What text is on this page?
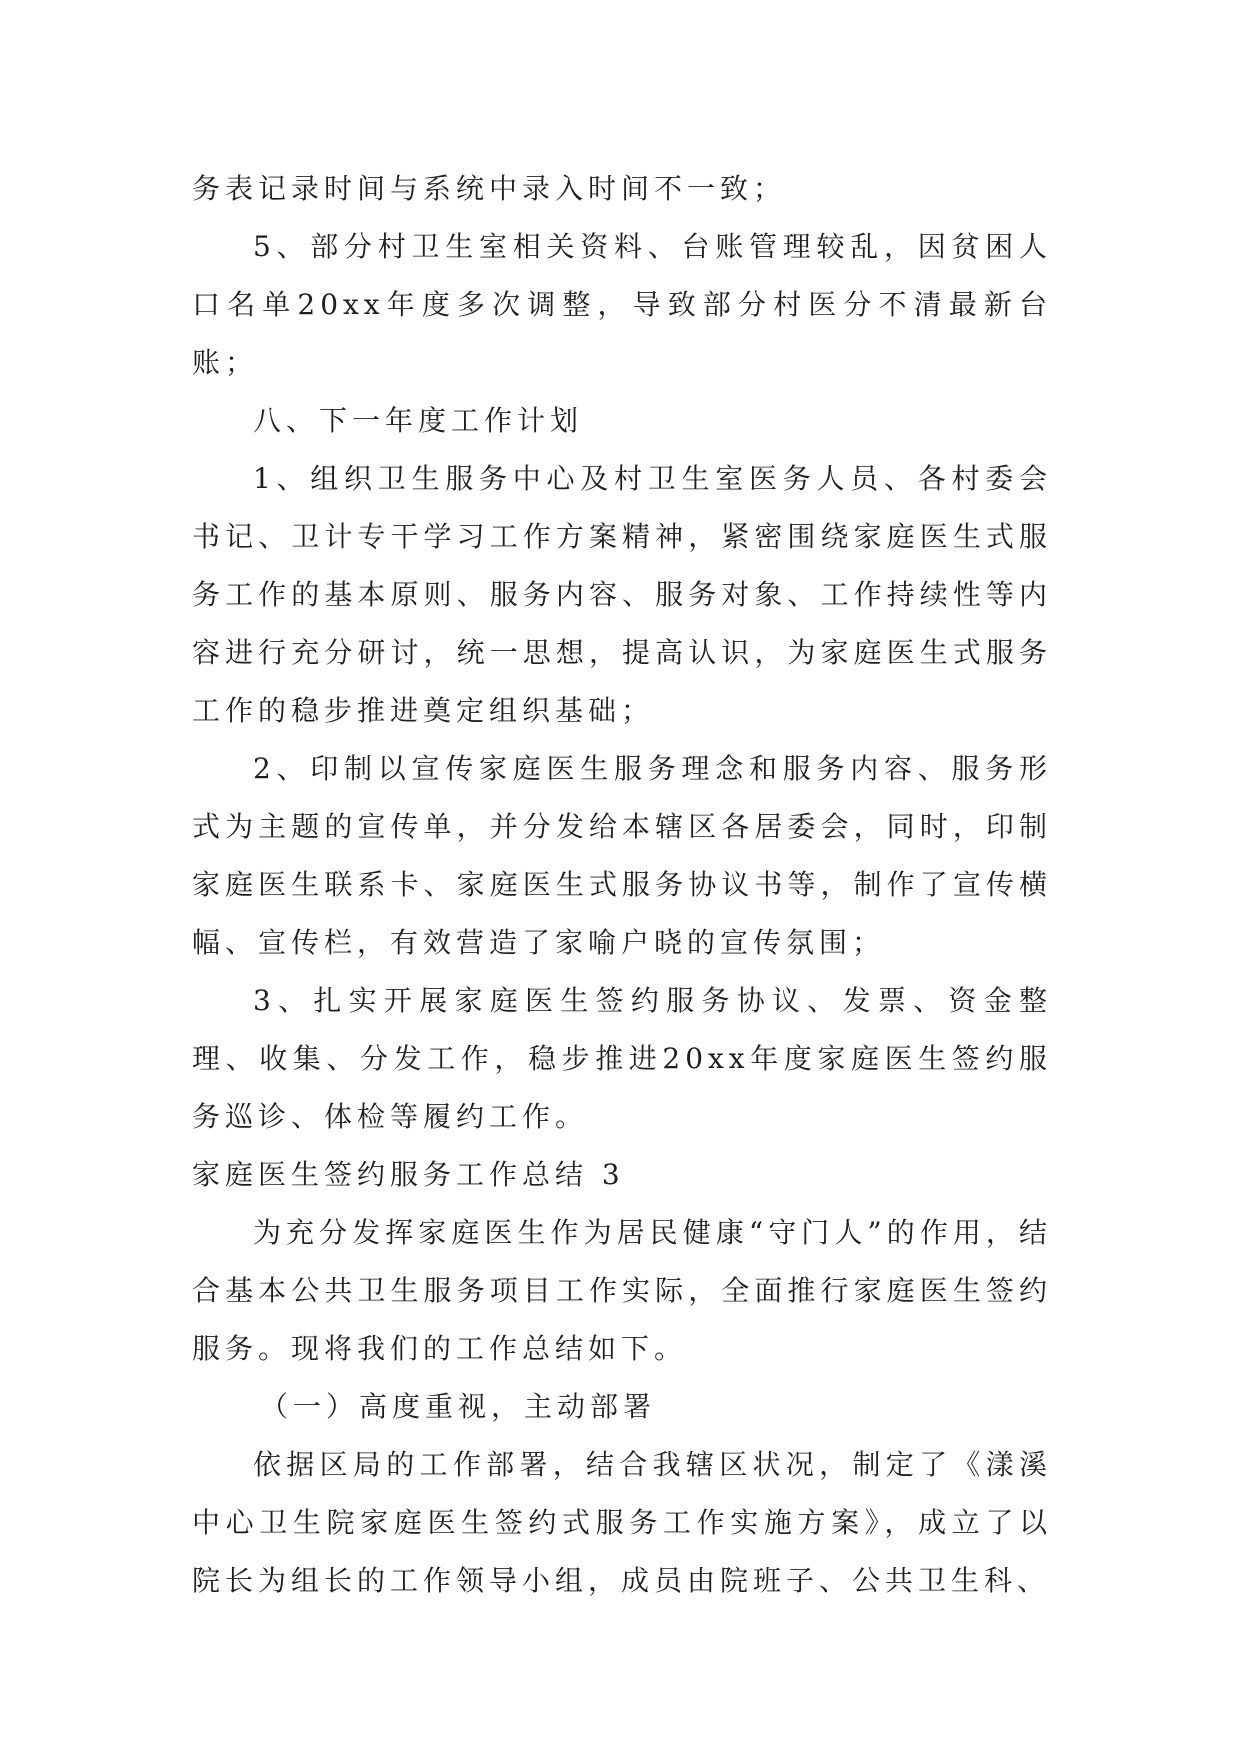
务表记录时间与系统中录入时间不一致；

5、部分村卫生室相关资料、台账管理较乱，因贫困人口名单20xx年度多次调整，导致部分村医分不清最新台账；

八、下一年度工作计划

1、组织卫生服务中心及村卫生室医务人员、各村委会书记、卫计专干学习工作方案精神，紧密围绕家庭医生式服务工作的基本原则、服务内容、服务对象、工作持续性等内容进行充分研讨，统一思想，提高认识，为家庭医生式服务工作的稳步推进奠定组织基础；

2、印制以宣传家庭医生服务理念和服务内容、服务形式为主题的宣传单，并分发给本辖区各居委会，同时，印制家庭医生联系卡、家庭医生式服务协议书等，制作了宣传横幅、宣传栏，有效营造了家喻户晓的宣传氛围；

3、扎实开展家庭医生签约服务协议、发票、资金整理、收集、分发工作，稳步推进20xx年度家庭医生签约服务巡诊、体检等履约工作。

家庭医生签约服务工作总结 3

为充分发挥家庭医生作为居民健康“守门人”的作用，结合基本公共卫生服务项目工作实际，全面推行家庭医生签约服务。现将我们的工作总结如下。

（一）高度重视，主动部署

依据区局的工作部署，结合我辖区状况，制定了《漾溪中心卫生院家庭医生签约式服务工作实施方案》，成立了以院长为组长的工作领导小组，成员由院班子、公共卫生科、
